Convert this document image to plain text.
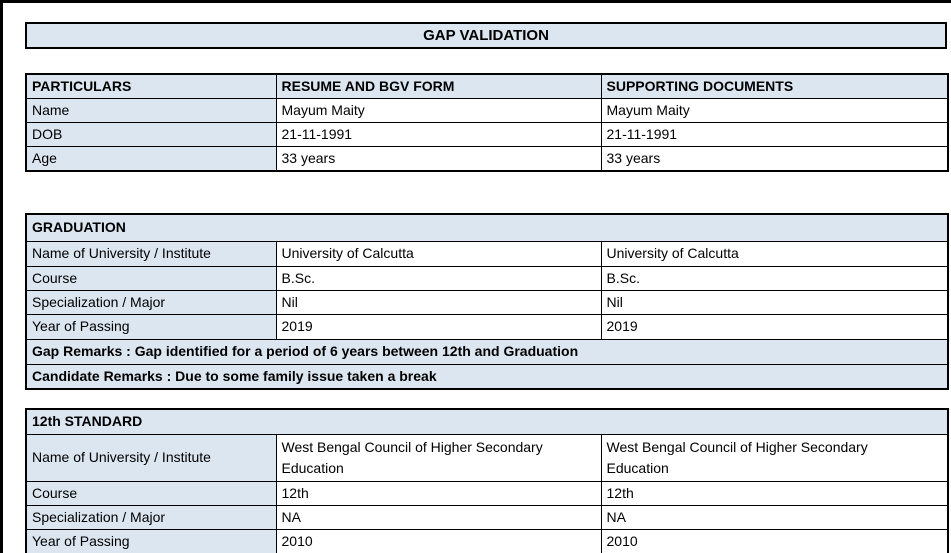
GAP VALIDATION
PARTICULARS	RESUME AND BGV FORM	SUPPORTING DOCUMENTS
Name	Mayum Maity	Mayum Maity
DOB	21-11-1991	21-11-1991
Age	33 years	33 years
GRADUATION		
Name of University / Institute	University of Calcutta	University of Calcutta
Course	B.Sc.	B.Sc.
Specialization / Major	Nil	Nil
Year of Passing	2019	2019
Gap Remarks : Gap identified for a period of 6 years between 12th and Graduation		
Candidate Remarks : Due to some family issue taken a break		
12th STANDARD		
Name of University / Institute	West Bengal Council of Higher Secondary Education	West Bengal Council of Higher Secondary Education
Course	12th	12th
Specialization / Major	NA	NA
Year of Passing	2010	2010
